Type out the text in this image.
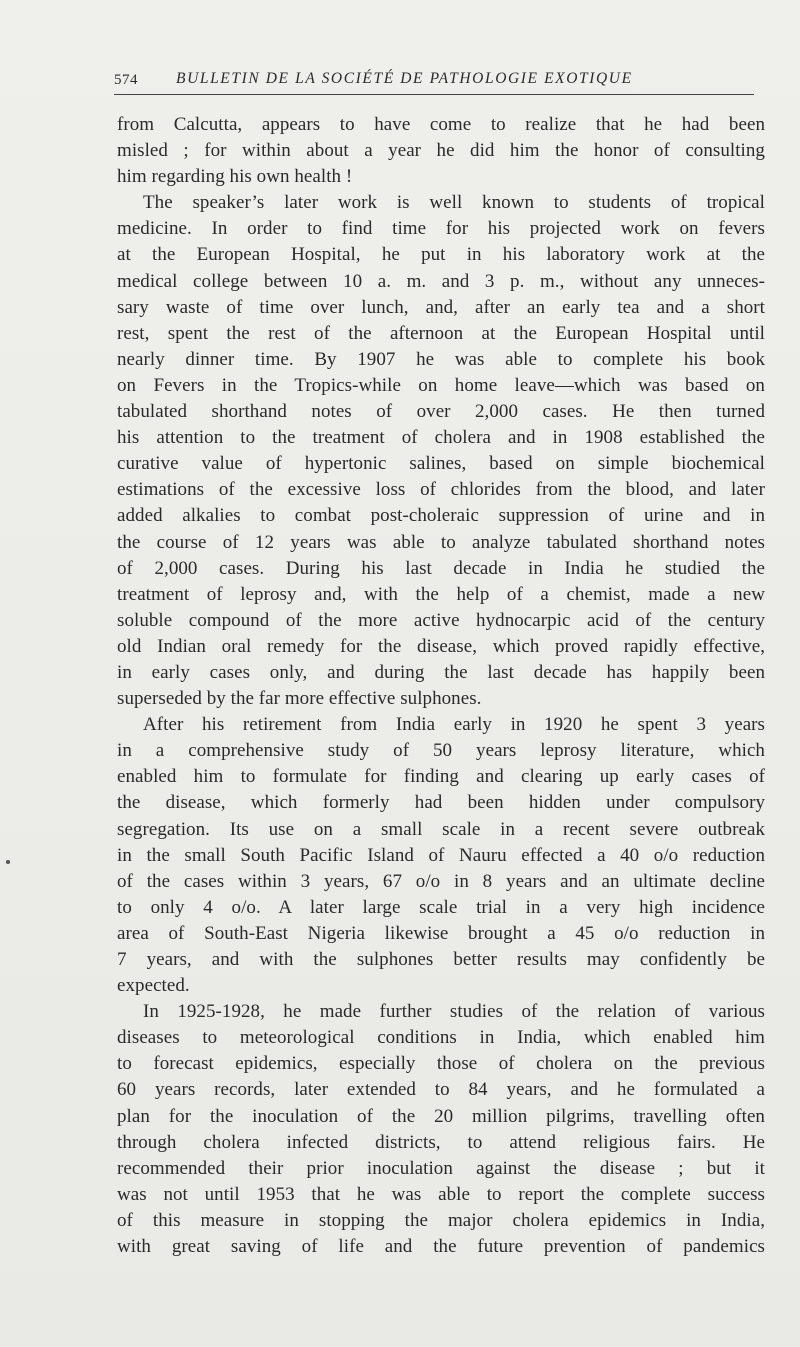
574 BULLETIN DE LA SOCIÉTÉ DE PATHOLOGIE EXOTIQUE
from Calcutta, appears to have come to realize that he had been
misled ; for within about a year he did him the honor of consulting
him regarding his own health !
The speaker’s later work is well known to students of tropical
medicine. In order to find time for his projected work on fevers
at the European Hospital, he put in his laboratory work at the
medical college between 10 a. m. and 3 p. m., without any unneces-
sary waste of time over lunch, and, after an early tea and a short
rest, spent the rest of the afternoon at the European Hospital until
nearly dinner time. By 1907 he was able to complete his book
on Fevers in the Tropics-while on home leave—which was based on
tabulated shorthand notes of over 2,000 cases. He then turned
his attention to the treatment of cholera and in 1908 established the
curative value of hypertonic salines, based on simple biochemical
estimations of the excessive loss of chlorides from the blood, and later
added alkalies to combat post-choleraic suppression of urine and in
the course of 12 years was able to analyze tabulated shorthand notes
of 2,000 cases. During his last decade in India he studied the
treatment of leprosy and, with the help of a chemist, made a new
soluble compound of the more active hydnocarpic acid of the century
old Indian oral remedy for the disease, which proved rapidly effective,
in early cases only, and during the last decade has happily been
superseded by the far more effective sulphones.
After his retirement from India early in 1920 he spent 3 years
in a comprehensive study of 50 years leprosy literature, which
enabled him to formulate for finding and clearing up early cases of
the disease, which formerly had been hidden under compulsory
segregation. Its use on a small scale in a recent severe outbreak
in the small South Pacific Island of Nauru effected a 40 o/o reduction
of the cases within 3 years, 67 o/o in 8 years and an ultimate decline
to only 4 o/o. A later large scale trial in a very high incidence
area of South-East Nigeria likewise brought a 45 o/o reduction in
7 years, and with the sulphones better results may confidently be
expected.
In 1925-1928, he made further studies of the relation of various
diseases to meteorological conditions in India, which enabled him
to forecast epidemics, especially those of cholera on the previous
60 years records, later extended to 84 years, and he formulated a
plan for the inoculation of the 20 million pilgrims, travelling often
through cholera infected districts, to attend religious fairs. He
recommended their prior inoculation against the disease ; but it
was not until 1953 that he was able to report the complete success
of this measure in stopping the major cholera epidemics in India,
with great saving of life and the future prevention of pandemics
